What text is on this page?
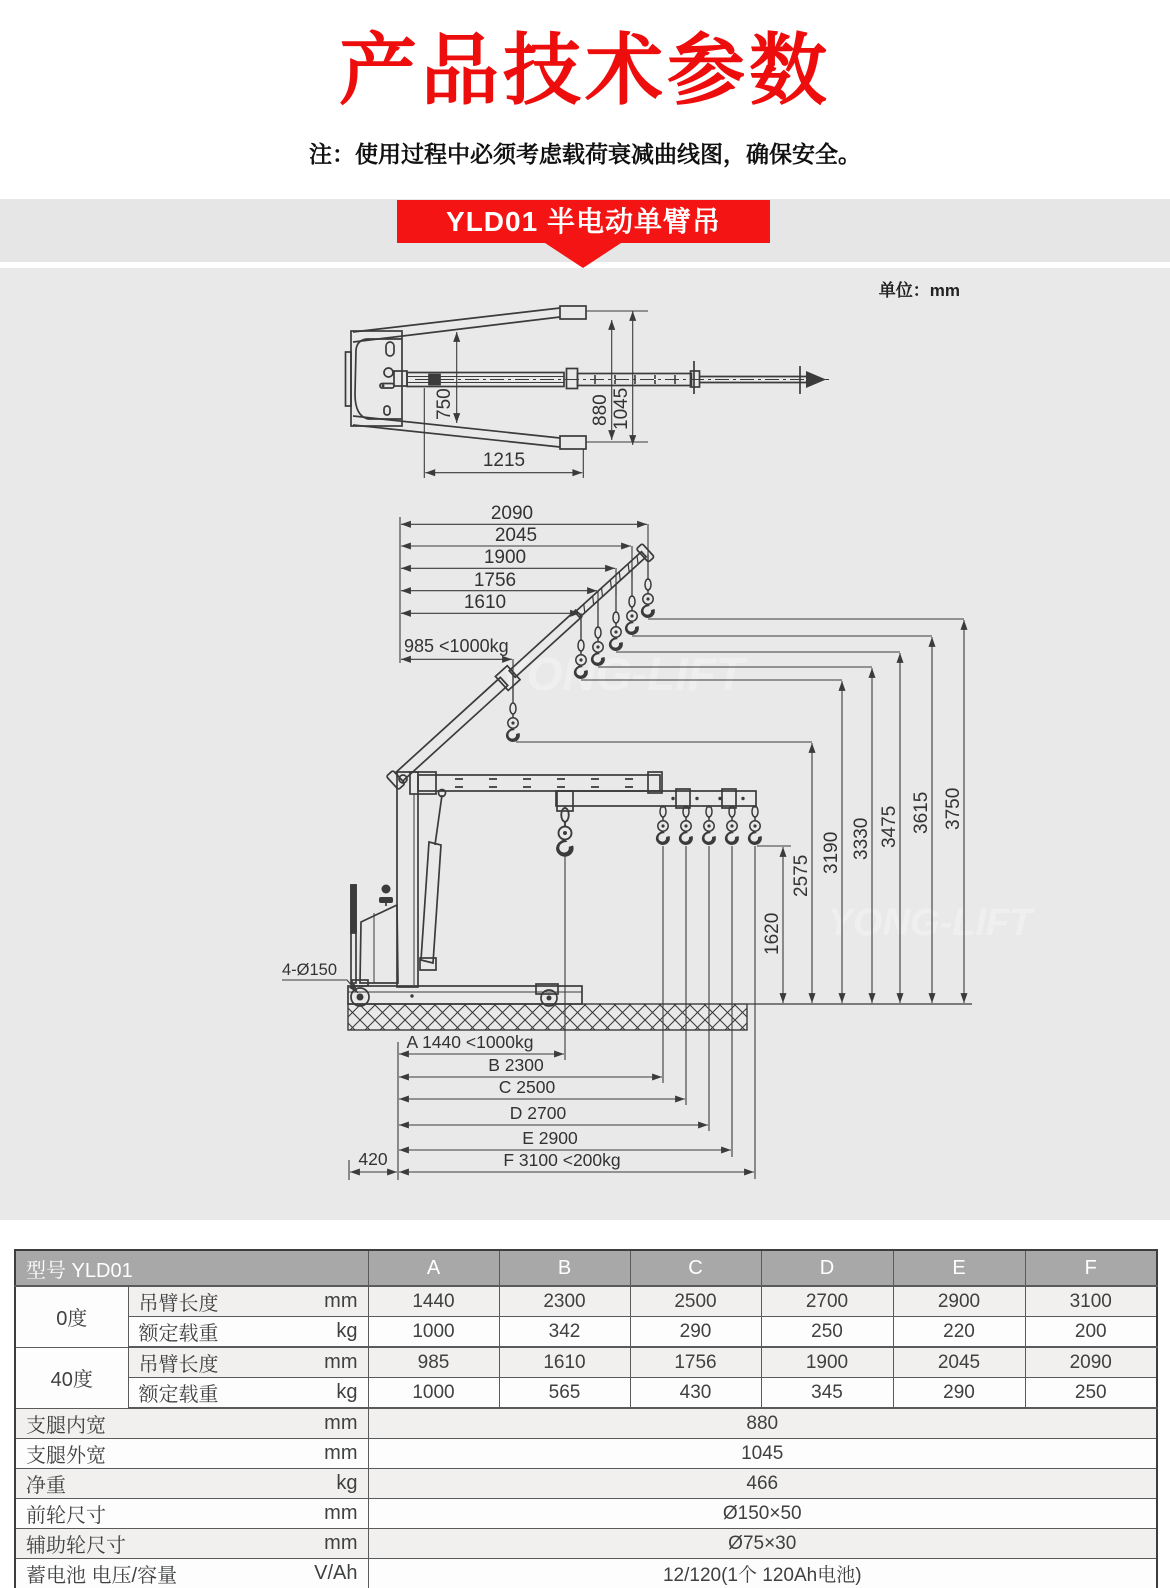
产品技术参数
注：使用过程中必须考虑载荷衰减曲线图，确保安全。
YLD01 半电动单臂吊
YONG-LIFT
YONG-LIFT
单位：mm
750	880 1045
1215
2090
2045
1900
1756
1610
985 <1000kg
1620
2575
3190 3330 3475 3615 3750
4-Ø150
A 1440 <1000kg
B 2300
C 2500
D 2700
E 2900
F 3100 <200kg
420
型号 YLD01		A	B	C	D	E	F
0度	吊臂长度 mm	1440	2300	2500	2700	2900	3100

	额定载重 kg	1000	342	290	250	220	200
40度	吊臂长度 mm	985	1610	1756	1900	2045	2090

	额定载重 kg	1000	565	430	345	290	250

支腿内宽 mm		880					

支腿外宽 mm		1045					

净重 kg		466					

前轮尺寸 mm		Ø150×50					

辅助轮尺寸 mm		Ø75×30					

蓄电池 电压/容量 V/Ah		12/120(1个 120Ah电池)					
